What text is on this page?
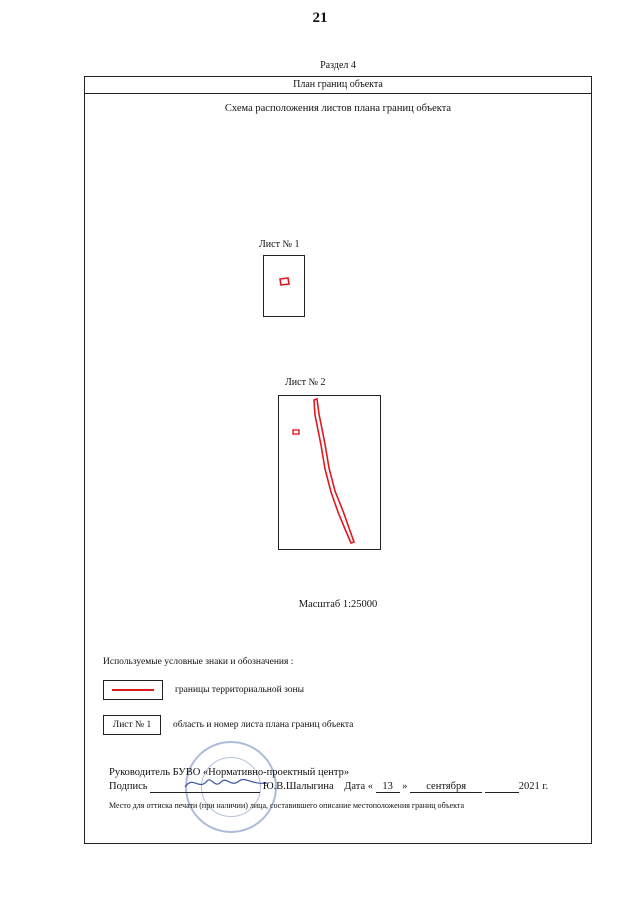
21
Раздел 4
План границ объекта
Схема расположения листов плана границ объекта
Лист № 1
Лист № 2
Масштаб 1:25000
Используемые условные знаки и обозначения :
границы территориальной зоны
Лист № 1	область и номер листа плана границ объекта
Руководитель БУВО «Нормативно-проектный центр»
Подпись	Ю.В.Шалыгина Дата « 13 » сентября	2021 г.
Место для оттиска печати (при наличии) лица, составившего описание местоположения границ объекта
